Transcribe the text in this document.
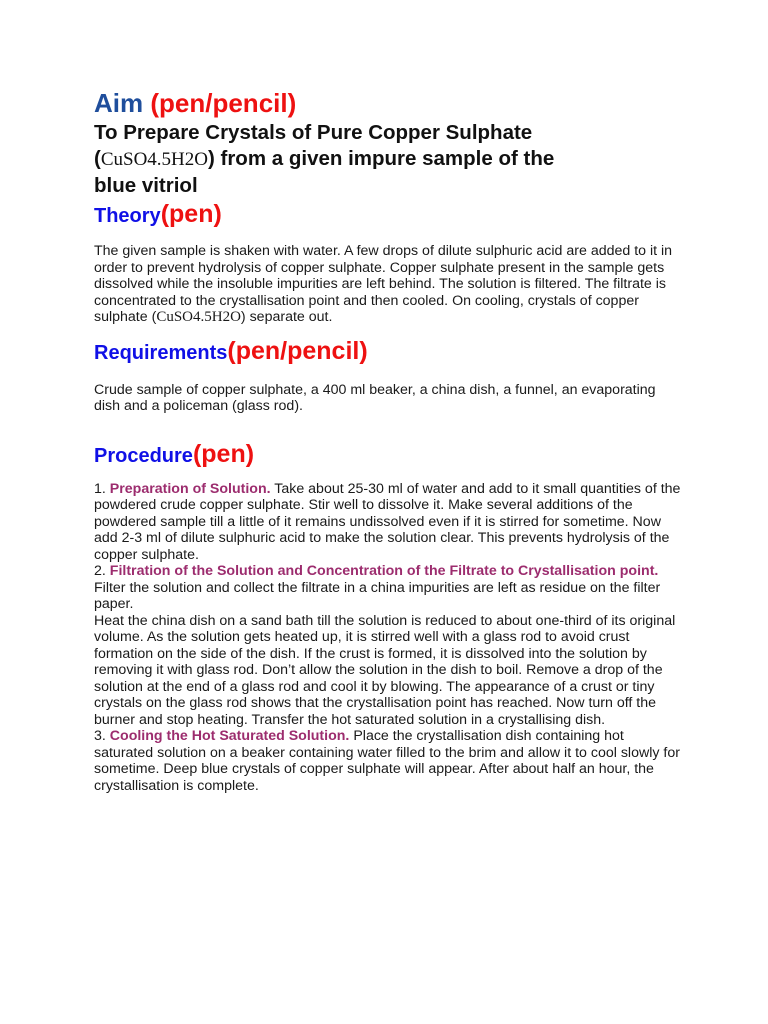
Aim (pen/pencil)
To Prepare Crystals of Pure Copper Sulphate
(CuSO4.5H2O) from a given impure sample of the
blue vitriol
Theory(pen)

The given sample is shaken with water. A few drops of dilute sulphuric acid are added to it in order to prevent hydrolysis of copper sulphate. Copper sulphate present in the sample gets dissolved while the insoluble impurities are left behind. The solution is filtered. The filtrate is concentrated to the crystallisation point and then cooled. On cooling, crystals of copper sulphate (CuSO4.5H2O) separate out.

Requirements(pen/pencil)

Crude sample of copper sulphate, a 400 ml beaker, a china dish, a funnel, an evaporating dish and a policeman (glass rod).

Procedure(pen)

1. Preparation of Solution. Take about 25-30 ml of water and add to it small quantities of the powdered crude copper sulphate. Stir well to dissolve it. Make several additions of the powdered sample till a little of it remains undissolved even if it is stirred for sometime. Now add 2-3 ml of dilute sulphuric acid to make the solution clear. This prevents hydrolysis of the copper sulphate.

2. Filtration of the Solution and Concentration of the Filtrate to Crystallisation point. Filter the solution and collect the filtrate in a china impurities are left as residue on the filter paper.

Heat the china dish on a sand bath till the solution is reduced to about one-third of its original volume. As the solution gets heated up, it is stirred well with a glass rod to avoid crust formation on the side of the dish. If the crust is formed, it is dissolved into the solution by removing it with glass rod. Don’t allow the solution in the dish to boil. Remove a drop of the solution at the end of a glass rod and cool it by blowing. The appearance of a crust or tiny crystals on the glass rod shows that the crystallisation point has reached. Now turn off the burner and stop heating. Transfer the hot saturated solution in a crystallising dish.

3. Cooling the Hot Saturated Solution. Place the crystallisation dish containing hot saturated solution on a beaker containing water filled to the brim and allow it to cool slowly for sometime. Deep blue crystals of copper sulphate will appear. After about half an hour, the crystallisation is complete.
